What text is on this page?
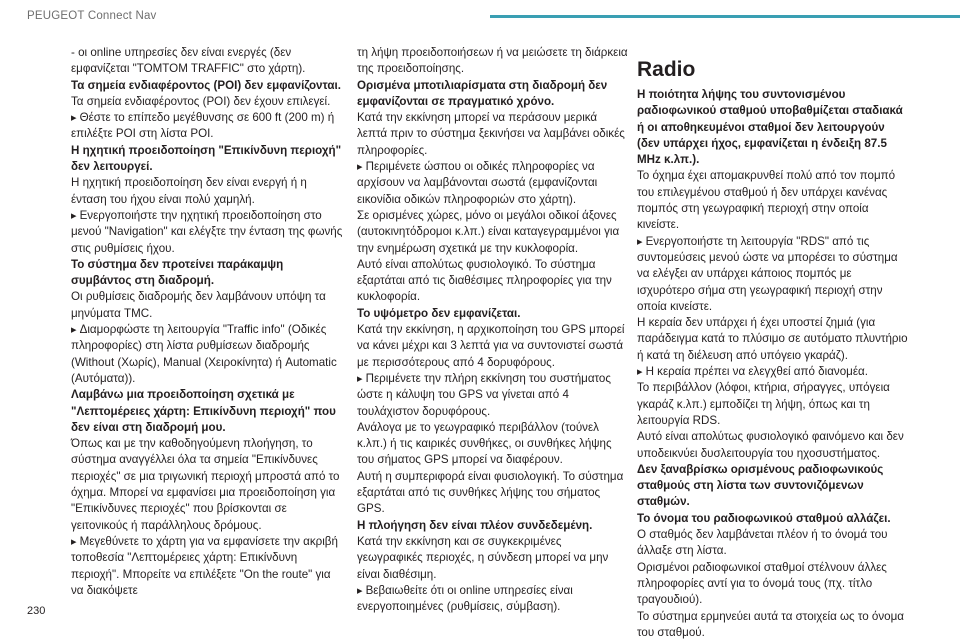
PEUGEOT Connect Nav

- οι online υπηρεσίες δεν είναι ενεργές (δεν εμφανίζεται "TOMTOM TRAFFIC" στο χάρτη).

Τα σημεία ενδιαφέροντος (POI) δεν εμφανίζονται.

Τα σημεία ενδιαφέροντος (POI) δεν έχουν επιλεγεί.

▸ Θέστε το επίπεδο μεγέθυνσης σε 600 ft (200 m) ή επιλέξτε POI στη λίστα POI.

Η ηχητική προειδοποίηση "Επικίνδυνη περιοχή" δεν λειτουργεί.

Η ηχητική προειδοποίηση δεν είναι ενεργή ή η ένταση του ήχου είναι πολύ χαμηλή.

▸ Ενεργοποιήστε την ηχητική προειδοποίηση στο μενού "Navigation" και ελέγξτε την ένταση της φωνής στις ρυθμίσεις ήχου.

Το σύστημα δεν προτείνει παράκαμψη συμβάντος στη διαδρομή.

Οι ρυθμίσεις διαδρομής δεν λαμβάνουν υπόψη τα μηνύματα TMC.

▸ Διαμορφώστε τη λειτουργία "Traffic info" (Οδικές πληροφορίες) στη λίστα ρυθμίσεων διαδρομής (Without (Χωρίς), Manual (Χειροκίνητα) ή Automatic (Αυτόματα)).

Λαμβάνω μια προειδοποίηση σχετικά με "Λεπτομέρειες χάρτη: Επικίνδυνη περιοχή" που δεν είναι στη διαδρομή μου.

Όπως και με την καθοδηγούμενη πλοήγηση, το σύστημα αναγγέλλει όλα τα σημεία "Επικίνδυνες περιοχές" σε μια τριγωνική περιοχή μπροστά από το όχημα. Μπορεί να εμφανίσει μια προειδοποίηση για "Επικίνδυνες περιοχές" που βρίσκονται σε γειτονικούς ή παράλληλους δρόμους.

▸ Μεγεθύνετε το χάρτη για να εμφανίσετε την ακριβή τοποθεσία "Λεπτομέρειες χάρτη: Επικίνδυνη περιοχή". Μπορείτε να επιλέξετε "On the route" για να διακόψετε

τη λήψη προειδοποιήσεων ή να μειώσετε τη διάρκεια της προειδοποίησης.

Ορισμένα μποτιλιαρίσματα στη διαδρομή δεν εμφανίζονται σε πραγματικό χρόνο.

Κατά την εκκίνηση μπορεί να περάσουν μερικά λεπτά πριν το σύστημα ξεκινήσει να λαμβάνει οδικές πληροφορίες.

▸ Περιμένετε ώσπου οι οδικές πληροφορίες να αρχίσουν να λαμβάνονται σωστά (εμφανίζονται εικονίδια οδικών πληροφοριών στο χάρτη).

Σε ορισμένες χώρες, μόνο οι μεγάλοι οδικοί άξονες (αυτοκινητόδρομοι κ.λπ.) είναι καταγεγραμμένοι για την ενημέρωση σχετικά με την κυκλοφορία.

Αυτό είναι απολύτως φυσιολογικό. Το σύστημα εξαρτάται από τις διαθέσιμες πληροφορίες για την κυκλοφορία.

Το υψόμετρο δεν εμφανίζεται.

Κατά την εκκίνηση, η αρχικοποίηση του GPS μπορεί να κάνει μέχρι και 3 λεπτά για να συντονιστεί σωστά με περισσότερους από 4 δορυφόρους.

▸ Περιμένετε την πλήρη εκκίνηση του συστήματος ώστε η κάλυψη του GPS να γίνεται από 4 τουλάχιστον δορυφόρους.

Ανάλογα με το γεωγραφικό περιβάλλον (τούνελ κ.λπ.) ή τις καιρικές συνθήκες, οι συνθήκες λήψης του σήματος GPS μπορεί να διαφέρουν.

Αυτή η συμπεριφορά είναι φυσιολογική. Το σύστημα εξαρτάται από τις συνθήκες λήψης του σήματος GPS.

Η πλοήγηση δεν είναι πλέον συνδεδεμένη.

Κατά την εκκίνηση και σε συγκεκριμένες γεωγραφικές περιοχές, η σύνδεση μπορεί να μην είναι διαθέσιμη.

▸ Βεβαιωθείτε ότι οι online υπηρεσίες είναι ενεργοποιημένες (ρυθμίσεις, σύμβαση).

Radio

Η ποιότητα λήψης του συντονισμένου ραδιοφωνικού σταθμού υποβαθμίζεται σταδιακά ή οι αποθηκευμένοι σταθμοί δεν λειτουργούν (δεν υπάρχει ήχος, εμφανίζεται η ένδειξη 87.5 MHz κ.λπ.).

Το όχημα έχει απομακρυνθεί πολύ από τον πομπό του επιλεγμένου σταθμού ή δεν υπάρχει κανένας πομπός στη γεωγραφική περιοχή στην οποία κινείστε.

▸ Ενεργοποιήστε τη λειτουργία "RDS" από τις συντομεύσεις μενού ώστε να μπορέσει το σύστημα να ελέγξει αν υπάρχει κάποιος πομπός με ισχυρότερο σήμα στη γεωγραφική περιοχή στην οποία κινείστε.

Η κεραία δεν υπάρχει ή έχει υποστεί ζημιά (για παράδειγμα κατά το πλύσιμο σε αυτόματο πλυντήριο ή κατά τη διέλευση από υπόγειο γκαράζ).

▸ Η κεραία πρέπει να ελεγχθεί από διανομέα.

Το περιβάλλον (λόφοι, κτήρια, σήραγγες, υπόγεια γκαράζ κ.λπ.) εμποδίζει τη λήψη, όπως και τη λειτουργία RDS.

Αυτό είναι απολύτως φυσιολογικό φαινόμενο και δεν υποδεικνύει δυσλειτουργία του ηχοσυστήματος.

Δεν ξαναβρίσκω ορισμένους ραδιοφωνικούς σταθμούς στη λίστα των συντονιζόμενων σταθμών.

Το όνομα του ραδιοφωνικού σταθμού αλλάζει.

Ο σταθμός δεν λαμβάνεται πλέον ή το όνομά του άλλαξε στη λίστα.

Ορισμένοι ραδιοφωνικοί σταθμοί στέλνουν άλλες πληροφορίες αντί για το όνομά τους (πχ. τίτλο τραγουδιού).

Το σύστημα ερμηνεύει αυτά τα στοιχεία ως το όνομα του σταθμού.

230
